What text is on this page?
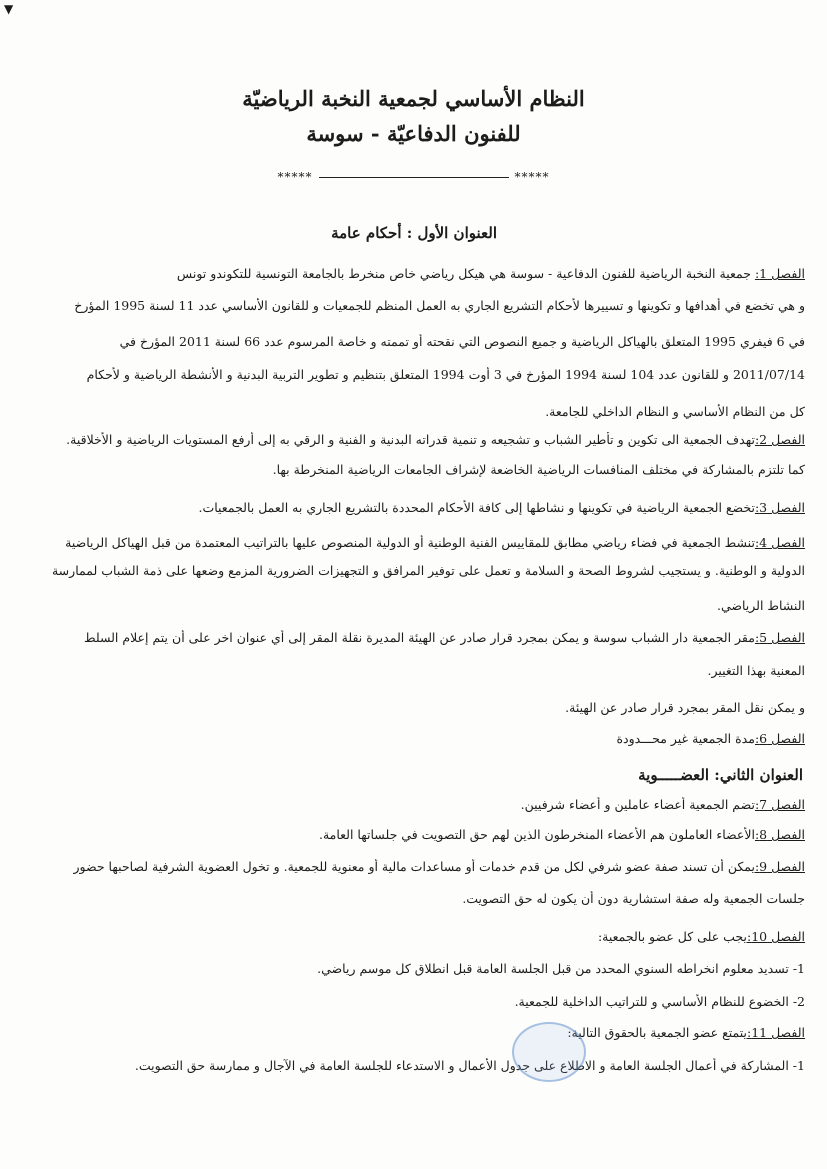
▼
النظام الأساسي لجمعية النخبة الرياضيّة
للفنون الدفاعيّة - سوسة
*****	*****
العنوان الأول : أحكام عامة
العنوان الثاني: العضـــــوية
الفصل 1: جمعية النخبة الرياضية للفنون الدفاعية - سوسة هي هيكل رياضي خاص منخرط بالجامعة التونسية للتكوندو تونس
و هي تخضع في أهدافها و تكوينها و تسييرها لأحكام التشريع الجاري به العمل المنظم للجمعيات و للقانون الأساسي عدد 11 لسنة 1995 المؤرخ
في 6 فيفري 1995 المتعلق بالهياكل الرياضية و جميع النصوص التي نقحته أو تممته و خاصة المرسوم عدد 66 لسنة 2011 المؤرخ في
2011/07/14 و للقانون عدد 104 لسنة 1994 المؤرخ في 3 أوت 1994 المتعلق بتنظيم و تطوير التربية البدنية و الأنشطة الرياضية و لأحكام
كل من النظام الأساسي و النظام الداخلي للجامعة.
الفصل 2:تهدف الجمعية الى تكوين و تأطير الشباب و تشجيعه و تنمية قدراته البدنية و الفنية و الرقي به إلى أرفع المستويات الرياضية و الأخلاقية.
كما تلتزم بالمشاركة في مختلف المنافسات الرياضية الخاضعة لإشراف الجامعات الرياضية المنخرطة بها.
الفصل 3:تخضع الجمعية الرياضية في تكوينها و نشاطها إلى كافة الأحكام المحددة بالتشريع الجاري به العمل بالجمعيات.
الفصل 4:تنشط الجمعية في فضاء رياضي مطابق للمقاييس الفنية الوطنية أو الدولية المنصوص عليها بالتراتيب المعتمدة من قبل الهياكل الرياضية
الدولية و الوطنية. و يستجيب لشروط الصحة و السلامة و تعمل على توفير المرافق و التجهيزات الضرورية المزمع وضعها على ذمة الشباب لممارسة
النشاط الرياضي.
الفصل 5:مقر الجمعية دار الشباب سوسة و يمكن بمجرد قرار صادر عن الهيئة المديرة نقلة المقر إلى أي عنوان اخر على أن يتم إعلام السلط
المعنية بهذا التغيير.
و يمكن نقل المقر بمجرد قرار صادر عن الهيئة.
الفصل 6:مدة الجمعية غير محـــدودة
الفصل 7:تضم الجمعية أعضاء عاملين و أعضاء شرفيين.
الفصل 8:الأعضاء العاملون هم الأعضاء المنخرطون الذين لهم حق التصويت في جلساتها العامة.
الفصل 9:يمكن أن تسند صفة عضو شرفي لكل من قدم خدمات أو مساعدات مالية أو معنوية للجمعية. و تخول العضوية الشرفية لصاحبها حضور
جلسات الجمعية وله صفة استشارية دون أن يكون له حق التصويت.
الفصل 10:يجب على كل عضو بالجمعية:
1- تسديد معلوم انخراطه السنوي المحدد من قبل الجلسة العامة قبل انطلاق كل موسم رياضي.
2- الخضوع للنظام الأساسي و للتراتيب الداخلية للجمعية.
الفصل 11:يتمتع عضو الجمعية بالحقوق التالية:
1- المشاركة في أعمال الجلسة العامة و الاطلاع على جدول الأعمال و الاستدعاء للجلسة العامة في الآجال و ممارسة حق التصويت.
